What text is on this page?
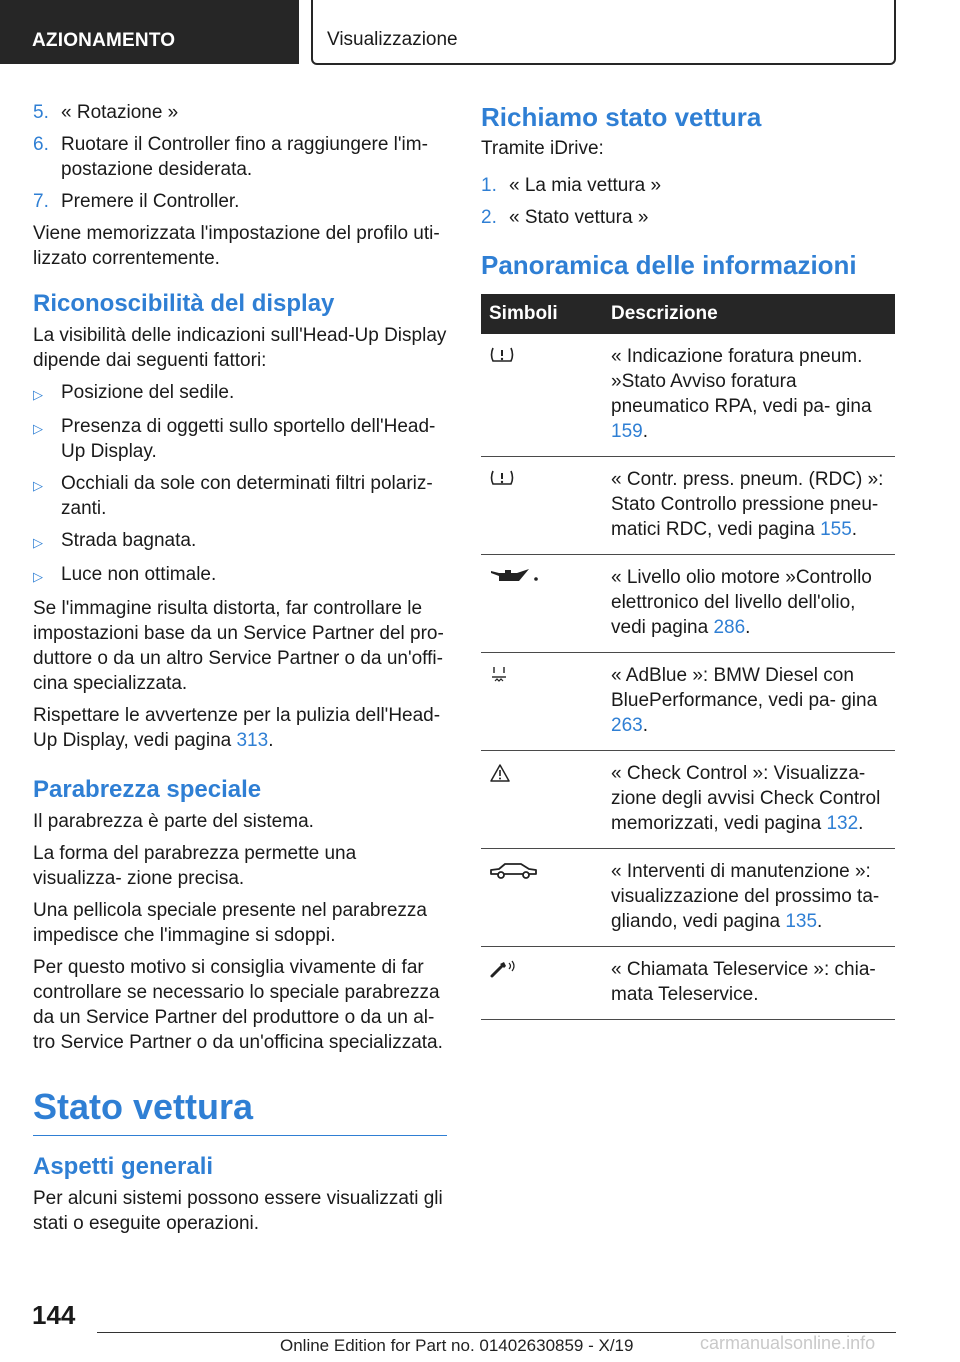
AZIONAMENTO	Visualizzazione
5. « Rotazione »
6. Ruotare il Controller fino a raggiungere l'im- postazione desiderata.
7. Premere il Controller.

Viene memorizzata l'impostazione del profilo uti- lizzato correntemente.

Riconoscibilità del display

La visibilità delle indicazioni sull'Head-Up Display dipende dai seguenti fattori:

▷ Posizione del sedile.
▷ Presenza di oggetti sullo sportello dell'Head- Up Display.
▷ Occhiali da sole con determinati filtri polariz- zanti.
▷ Strada bagnata.
▷ Luce non ottimale.

Se l'immagine risulta distorta, far controllare le impostazioni base da un Service Partner del pro- duttore o da un altro Service Partner o da un'offi- cina specializzata.

Rispettare le avvertenze per la pulizia dell'Head- Up Display, vedi pagina 313.

Parabrezza speciale

Il parabrezza è parte del sistema.

La forma del parabrezza permette una visualizza- zione precisa.

Una pellicola speciale presente nel parabrezza impedisce che l'immagine si sdoppi.

Per questo motivo si consiglia vivamente di far controllare se necessario lo speciale parabrezza da un Service Partner del produttore o da un al- tro Service Partner o da un'officina specializzata.

Stato vettura
Aspetti generali

Per alcuni sistemi possono essere visualizzati gli stati o eseguite operazioni.

Richiamo stato vettura

Tramite iDrive:

1. « La mia vettura »
2. « Stato vettura »
Panoramica delle informazioni
Simboli	Descrizione
	« Indicazione foratura pneum. »Stato Avviso foratura pneumatico RPA, vedi pa- gina 159.
	« Contr. press. pneum. (RDC) »: Stato Controllo pressione pneu- matici RDC, vedi pagina 155.
	« Livello olio motore »Controllo elettronico del livello dell'olio, vedi pagina 286.
	« AdBlue »: BMW Diesel con BluePerformance, vedi pa- gina 263.
	« Check Control »: Visualizza- zione degli avvisi Check Control memorizzati, vedi pagina 132.
	« Interventi di manutenzione »: visualizzazione del prossimo ta- gliando, vedi pagina 135.
	« Chiamata Teleservice »: chia- mata Teleservice.
144
Online Edition for Part no. 01402630859 - X/19	carmanualsonline.info
